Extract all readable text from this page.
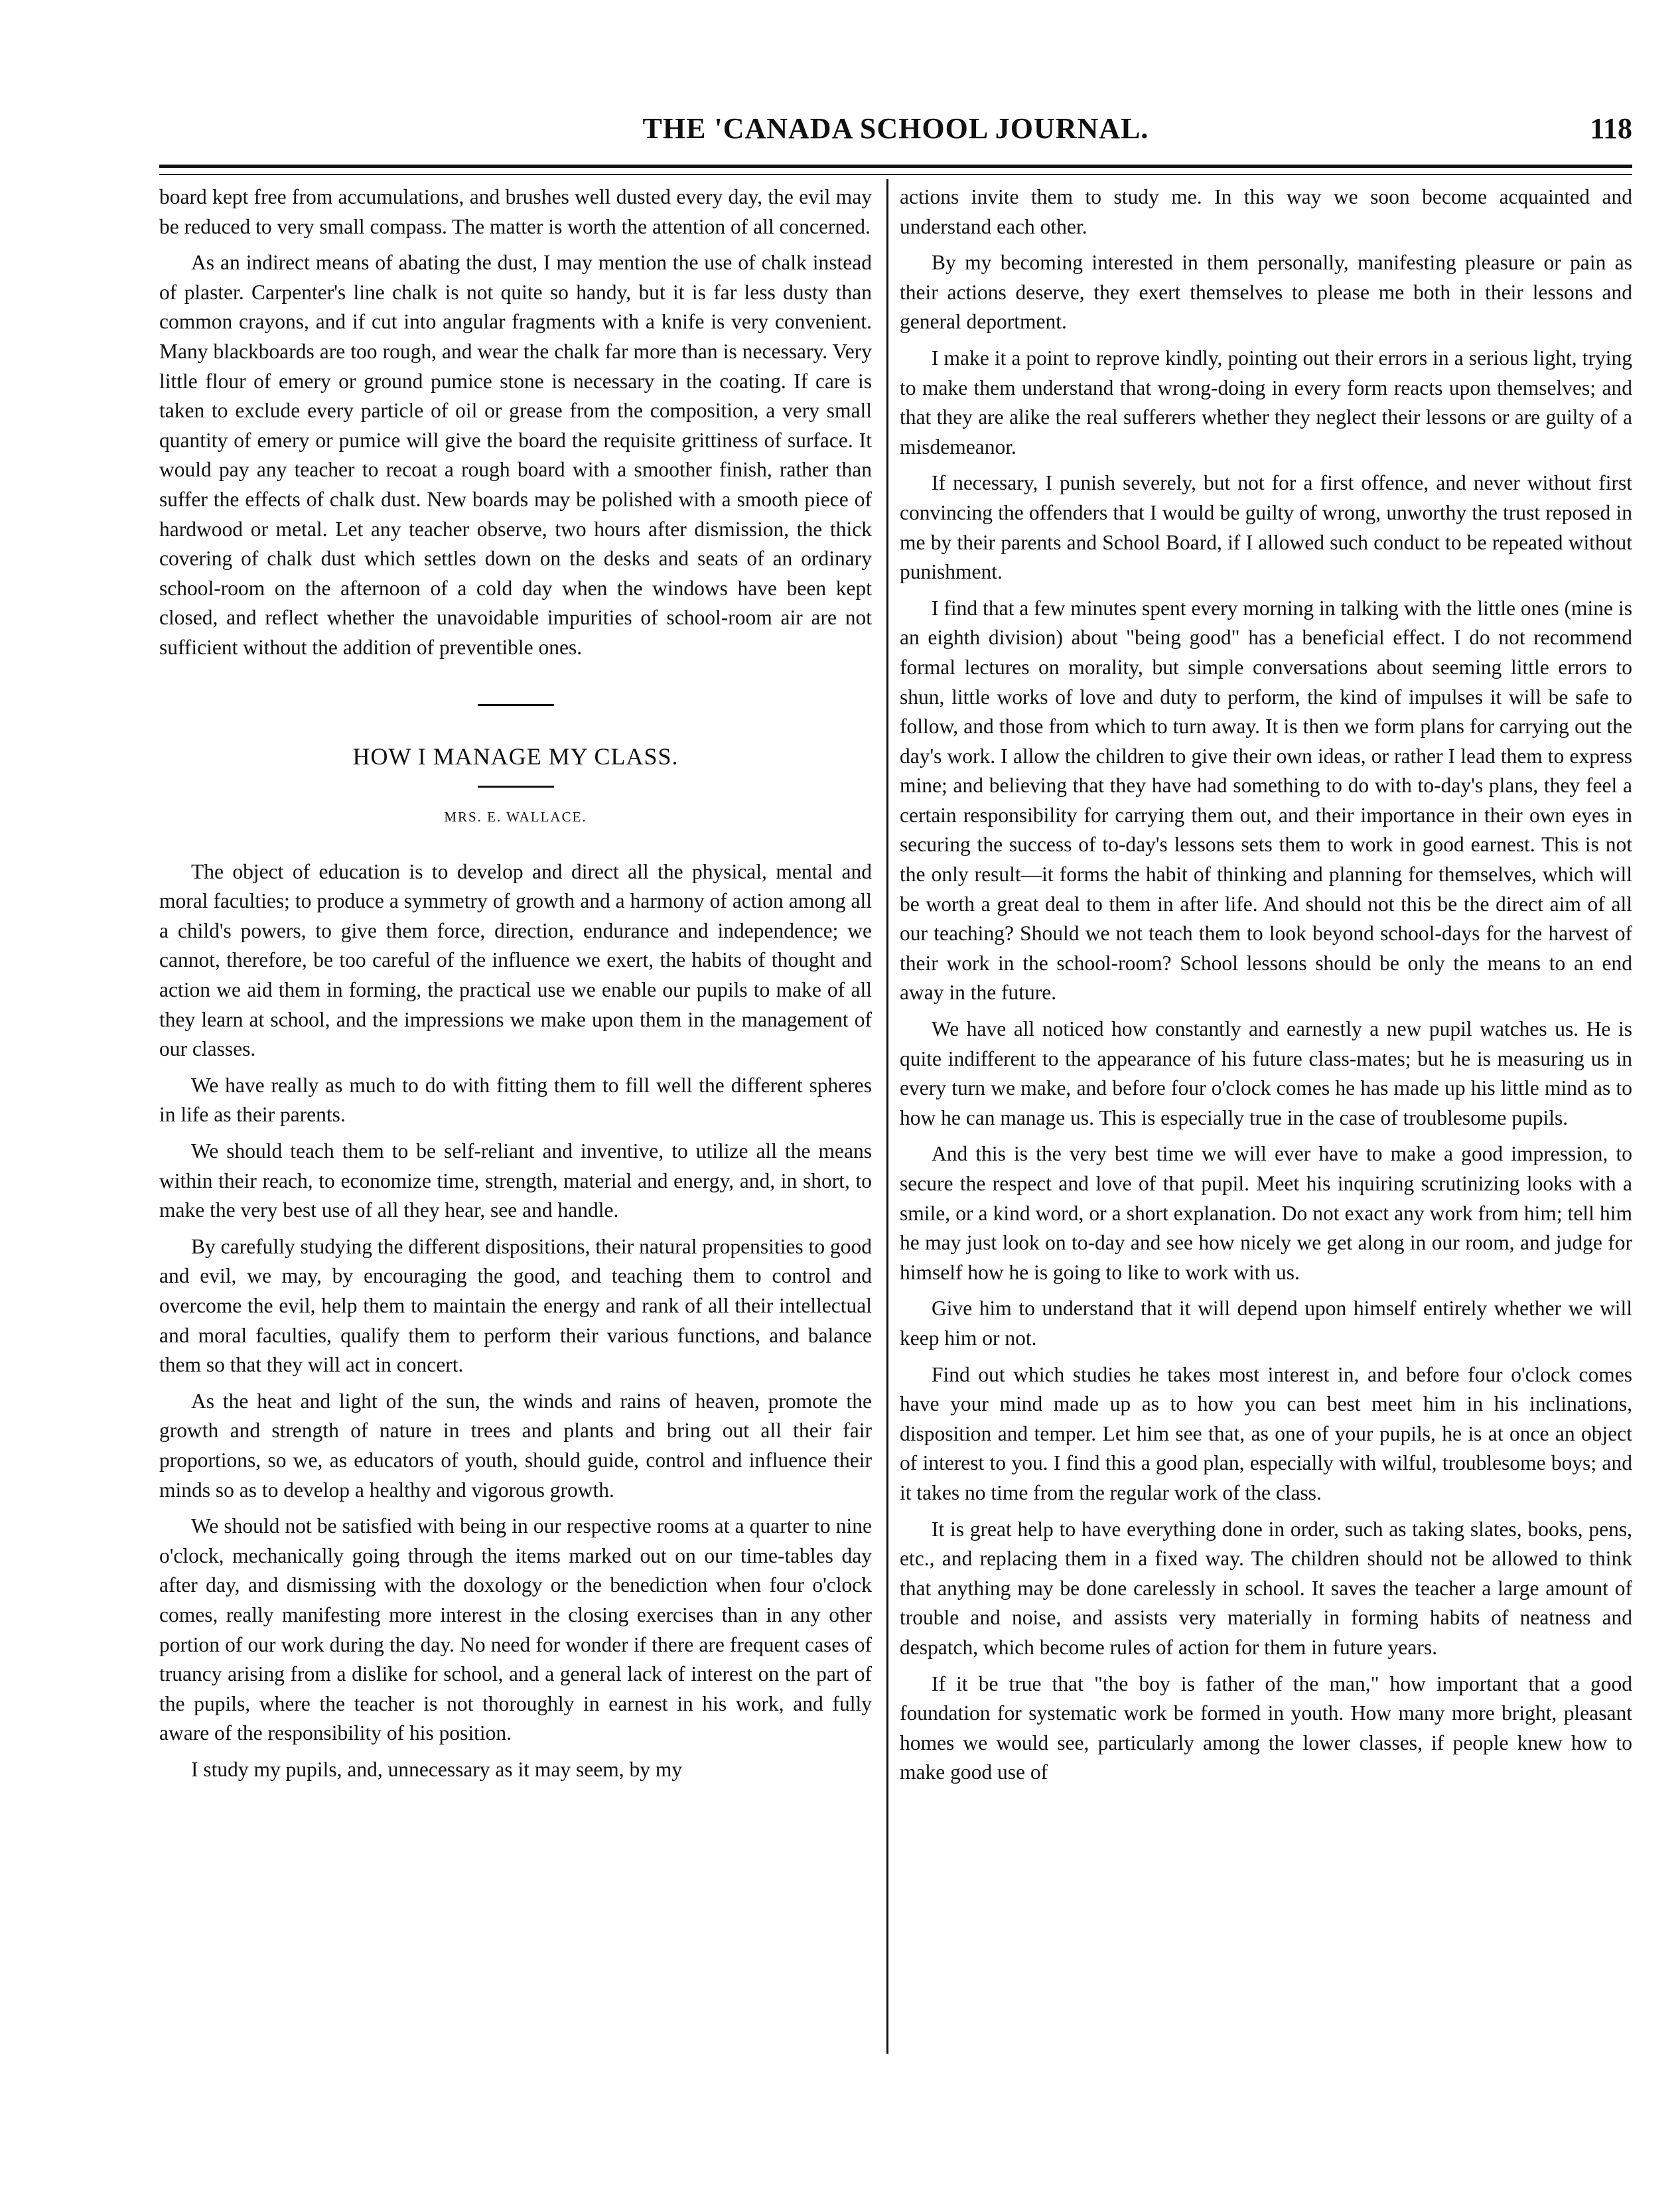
THE 'CANADA SCHOOL JOURNAL.	118

board kept free from accumulations, and brushes well dusted every day, the evil may be reduced to very small compass. The matter is worth the attention of all concerned.

As an indirect means of abating the dust, I may mention the use of chalk instead of plaster. Carpenter's line chalk is not quite so handy, but it is far less dusty than common crayons, and if cut into angular fragments with a knife is very convenient. Many blackboards are too rough, and wear the chalk far more than is necessary. Very little flour of emery or ground pumice stone is necessary in the coating. If care is taken to exclude every particle of oil or grease from the composition, a very small quantity of emery or pumice will give the board the requisite grittiness of surface. It would pay any teacher to recoat a rough board with a smoother finish, rather than suffer the effects of chalk dust. New boards may be polished with a smooth piece of hardwood or metal. Let any teacher observe, two hours after dismission, the thick covering of chalk dust which settles down on the desks and seats of an ordinary school-room on the afternoon of a cold day when the windows have been kept closed, and reflect whether the unavoidable impurities of school-room air are not sufficient without the addition of preventible ones.

HOW I MANAGE MY CLASS.
MRS. E. WALLACE.

The object of education is to develop and direct all the physical, mental and moral faculties; to produce a symmetry of growth and a harmony of action among all a child's powers, to give them force, direction, endurance and independence; we cannot, therefore, be too careful of the influence we exert, the habits of thought and action we aid them in forming, the practical use we enable our pupils to make of all they learn at school, and the impressions we make upon them in the management of our classes.

We have really as much to do with fitting them to fill well the different spheres in life as their parents.

We should teach them to be self-reliant and inventive, to utilize all the means within their reach, to economize time, strength, material and energy, and, in short, to make the very best use of all they hear, see and handle.

By carefully studying the different dispositions, their natural propensities to good and evil, we may, by encouraging the good, and teaching them to control and overcome the evil, help them to maintain the energy and rank of all their intellectual and moral faculties, qualify them to perform their various functions, and balance them so that they will act in concert.

As the heat and light of the sun, the winds and rains of heaven, promote the growth and strength of nature in trees and plants and bring out all their fair proportions, so we, as educators of youth, should guide, control and influence their minds so as to develop a healthy and vigorous growth.

We should not be satisfied with being in our respective rooms at a quarter to nine o'clock, mechanically going through the items marked out on our time-tables day after day, and dismissing with the doxology or the benediction when four o'clock comes, really manifesting more interest in the closing exercises than in any other portion of our work during the day. No need for wonder if there are frequent cases of truancy arising from a dislike for school, and a general lack of interest on the part of the pupils, where the teacher is not thoroughly in earnest in his work, and fully aware of the responsibility of his position.

I study my pupils, and, unnecessary as it may seem, by my

actions invite them to study me. In this way we soon become acquainted and understand each other.

By my becoming interested in them personally, manifesting pleasure or pain as their actions deserve, they exert themselves to please me both in their lessons and general deportment.

I make it a point to reprove kindly, pointing out their errors in a serious light, trying to make them understand that wrong-doing in every form reacts upon themselves; and that they are alike the real sufferers whether they neglect their lessons or are guilty of a misdemeanor.

If necessary, I punish severely, but not for a first offence, and never without first convincing the offenders that I would be guilty of wrong, unworthy the trust reposed in me by their parents and School Board, if I allowed such conduct to be repeated without punishment.

I find that a few minutes spent every morning in talking with the little ones (mine is an eighth division) about "being good" has a beneficial effect. I do not recommend formal lectures on morality, but simple conversations about seeming little errors to shun, little works of love and duty to perform, the kind of impulses it will be safe to follow, and those from which to turn away. It is then we form plans for carrying out the day's work. I allow the children to give their own ideas, or rather I lead them to express mine; and believing that they have had something to do with to-day's plans, they feel a certain responsibility for carrying them out, and their importance in their own eyes in securing the success of to-day's lessons sets them to work in good earnest. This is not the only result—it forms the habit of thinking and planning for themselves, which will be worth a great deal to them in after life. And should not this be the direct aim of all our teaching? Should we not teach them to look beyond school-days for the harvest of their work in the school-room? School lessons should be only the means to an end away in the future.

We have all noticed how constantly and earnestly a new pupil watches us. He is quite indifferent to the appearance of his future class-mates; but he is measuring us in every turn we make, and before four o'clock comes he has made up his little mind as to how he can manage us. This is especially true in the case of troublesome pupils.

And this is the very best time we will ever have to make a good impression, to secure the respect and love of that pupil. Meet his inquiring scrutinizing looks with a smile, or a kind word, or a short explanation. Do not exact any work from him; tell him he may just look on to-day and see how nicely we get along in our room, and judge for himself how he is going to like to work with us.

Give him to understand that it will depend upon himself entirely whether we will keep him or not.

Find out which studies he takes most interest in, and before four o'clock comes have your mind made up as to how you can best meet him in his inclinations, disposition and temper. Let him see that, as one of your pupils, he is at once an object of interest to you. I find this a good plan, especially with wilful, troublesome boys; and it takes no time from the regular work of the class.

It is great help to have everything done in order, such as taking slates, books, pens, etc., and replacing them in a fixed way. The children should not be allowed to think that anything may be done carelessly in school. It saves the teacher a large amount of trouble and noise, and assists very materially in forming habits of neatness and despatch, which become rules of action for them in future years.

If it be true that "the boy is father of the man," how important that a good foundation for systematic work be formed in youth. How many more bright, pleasant homes we would see, particularly among the lower classes, if people knew how to make good use of
